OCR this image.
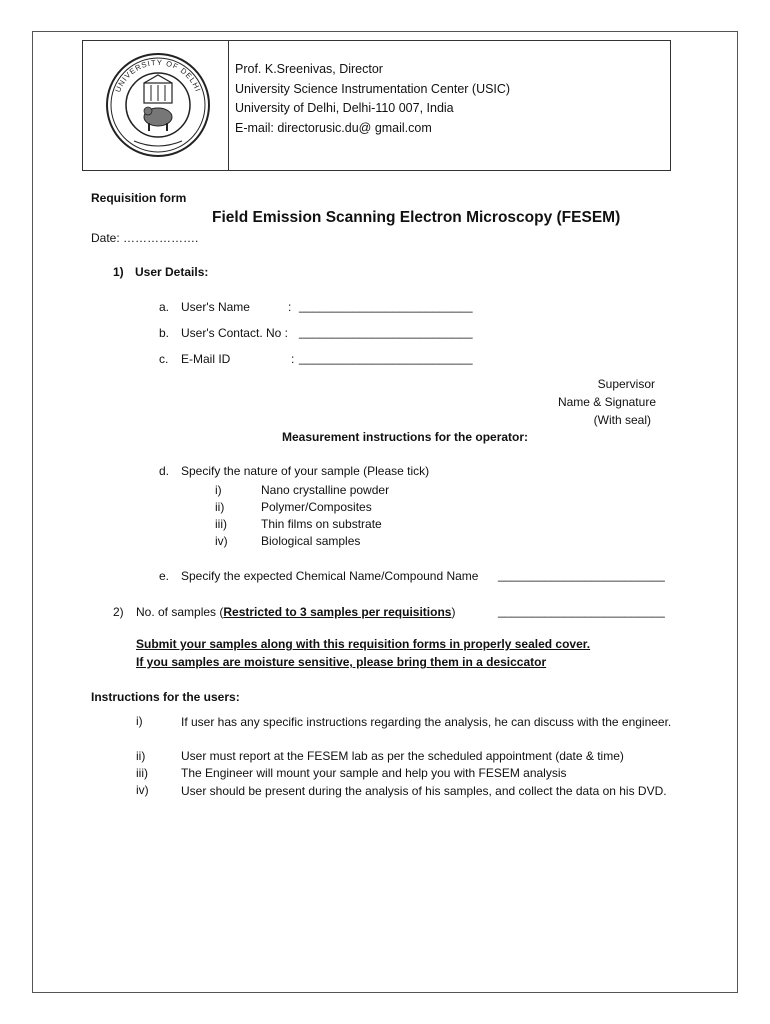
UNIVERSITY OF DELHI
Prof. K.Sreenivas, Director
University Science Instrumentation Center (USIC)
University of Delhi, Delhi-110 007, India
E-mail: directorusic.du@ gmail.com
Requisition form
Field Emission Scanning Electron Microscopy (FESEM)
Date: ……………….
1) User Details:
a. User's Name	: __________________________
b. User's Contact. No : __________________________
c. E-Mail ID	: __________________________
Supervisor
Name & Signature
(With seal)
Measurement instructions for the operator:
d. Specify the nature of your sample (Please tick)
i)	Nano crystalline powder
ii)	Polymer/Composites
iii)	Thin films on substrate
iv)	Biological samples
e. Specify the expected Chemical Name/Compound Name _________________________
2) No. of samples (Restricted to 3 samples per requisitions)	_________________________
Submit your samples along with this requisition forms in properly sealed cover.
If you samples are moisture sensitive, please bring them in a desiccator
Instructions for the users:
i)	If user has any specific instructions regarding the analysis, he can discuss with the engineer.
ii)	User must report at the FESEM lab as per the scheduled appointment (date & time)
iii)	The Engineer will mount your sample and help you with FESEM analysis
iv)	User should be present during the analysis of his samples, and collect the data on his DVD.
